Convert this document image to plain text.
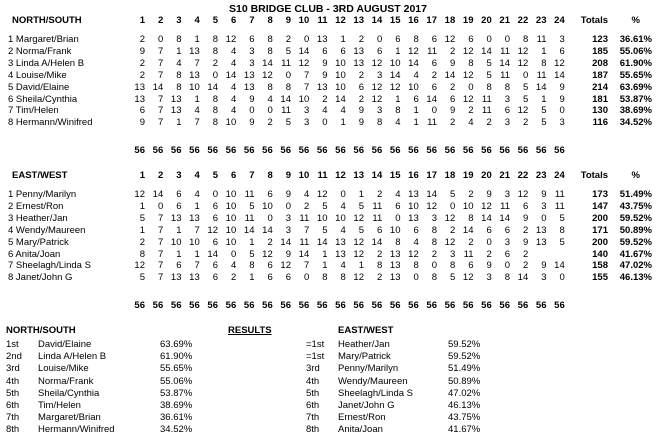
S10 BRIDGE CLUB - 3RD AUGUST 2017
NORTH/SOUTH	1	2	3	4	5	6	7	8	9 10 11 12 13 14 15 16 17 18 19 20 21 22 23 24	Totals	%
1 Margaret/Brian	2	0	8	1	8 12	6	8	2	0 13	1	2	0	6	8	6 12	6	0	0	8 11	3	123	36.61%
2 Norma/Frank	9	7	1 13	8	4	3	8	5 14	6	6 13	6	1 12 11	2 12 14 11 12	1	6	185	55.06%
3 Linda A/Helen B	2	7	4	7	2	4	3 14 11 12	9 10 13 12 10 14	6	9	8	5 14 12	8 12	208	61.90%
4 Louise/Mike	2	7	8 13	0 14 13 12	0	7	9 10	2	3 14	4	2 14 12	5 11	0 11 14	187	55.65%
5 David/Elaine	13 14	8 10 14	4 13	8	8	7 13 10	6 12 12 10	6	2	0	8	8	5 14	9	214	63.69%
6 Sheila/Cynthia	13	7 13	1	8	4	9	4 14 10	2 14	2 12	1	6 14	6 12 11	3	5	1	9	181	53.87%
7 Tim/Helen	6	7 13	4	8	4	0	0 11	3	4	4	9	3	8	1	0	9	2 11	6 12	5	0	130	38.69%
8 Hermann/Winifred	9	7	1	7	8 10	9	2	5	3	0	1	9	8	4	1 11	2	4	2	3	2	5	3	116	34.52%
56 56 56 56 56 56 56 56 56 56 56 56 56 56 56 56 56 56 56 56 56 56 56 56
EAST/WEST	1	2	3	4	5	6	7	8	9 10 11 12 13 14 15 16 17 18 19 20 21 22 23 24	Totals	%
1 Penny/Marilyn	12 14	6	4	0 10 11	6	9	4 12	0	1	2	4 13 14	5	2	9	3 12	9 11	173	51.49%
2 Ernest/Ron	1	0	6	1	6 10	5 10	0	2	5	4	5 11	6 10 12	0 10 12 11	6	3 11	147	43.75%
3 Heather/Jan	5	7 13 13	6 10 11	0	3 11 10 10 12 11	0 13	3 12	8 14 14	9	0	5	200	59.52%
4 Wendy/Maureen	1	7	1	7 12 10 14 14	3	7	5	4	5	6 10	6	8	2 14	6	6	2 13	8	171	50.89%
5 Mary/Patrick	2	7 10 10	6 10	1	2 14 11 14 13 12 14	8	4	8 12	2	0	3	9 13	5	200	59.52%
6 Anita/Joan	8	7	1	1 14	0	5 12	9 14	1 13 12	2 13 12	2	3 11	2	6	2	140	41.67%
7 Sheelagh/Linda S	12	7	6	7	6	4	8	6 12	7	1	4	1	8 13	8	0	8	6	9	0	2	9 14	158	47.02%
8 Janet/John G	5	7 13 13	6	2	1	6	6	0	8	8 12	2 13	0	8	5 12	3	8 14	3	0	155	46.13%
56 56 56 56 56 56 56 56 56 56 56 56 56 56 56 56 56 56 56 56 56 56 56 56
NORTH/SOUTH	RESULTS	EAST/WEST
1st	David/Elaine	63.69%
2nd	Linda A/Helen B	61.90%
3rd	Louise/Mike	55.65%
4th	Norma/Frank	55.06%
5th	Sheila/Cynthia	53.87%
6th	Tim/Helen	38.69%
7th	Margaret/Brian	36.61%
8th	Hermann/Winifred	34.52%
=1st	Heather/Jan	59.52%
=1st	Mary/Patrick	59.52%
3rd	Penny/Marilyn	51.49%
4th	Wendy/Maureen	50.89%
5th	Sheelagh/Linda S	47.02%
6th	Janet/John G	46.13%
7th	Ernest/Ron	43.75%
8th	Anita/Joan	41.67%
